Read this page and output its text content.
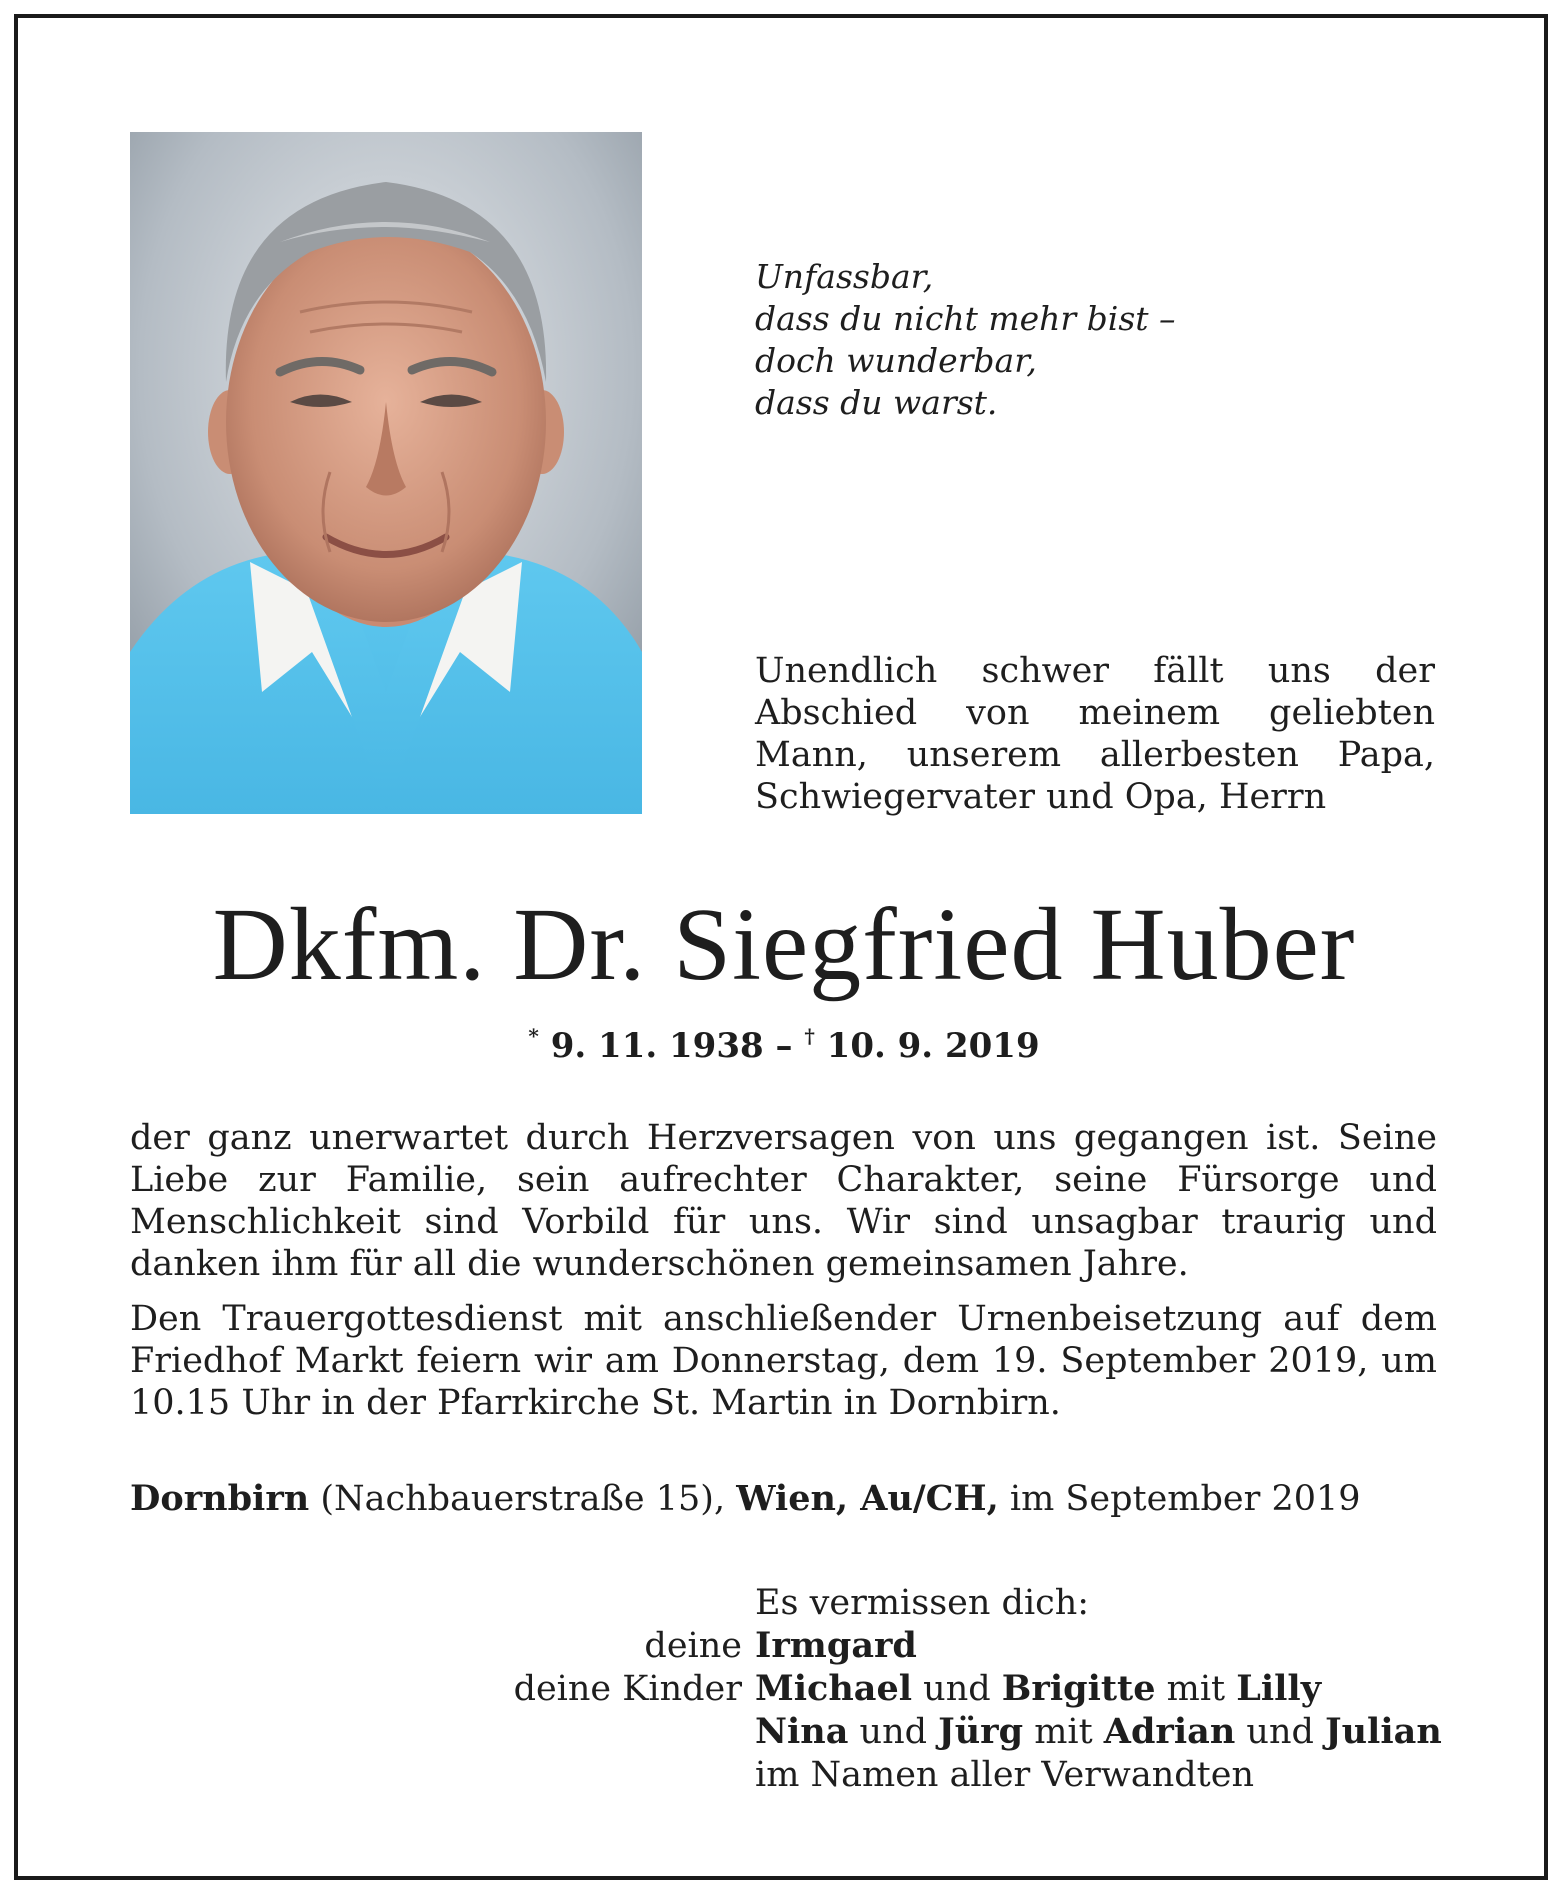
Unfassbar,
dass du nicht mehr bist –
doch wunderbar,
dass du warst.
Unendlich schwer fällt uns der Abschied von meinem geliebten Mann, unserem allerbesten Papa, Schwiegervater und Opa, Herrn
Dkfm. Dr. Siegfried Huber
* 9. 11. 1938 – † 10. 9. 2019
der ganz unerwartet durch Herzversagen von uns gegangen ist. Seine Liebe zur Familie, sein aufrechter Charakter, seine Fürsorge und Menschlichkeit sind Vorbild für uns. Wir sind unsagbar traurig und danken ihm für all die wunderschönen gemeinsamen Jahre.
Den Trauergottesdienst mit anschließender Urnenbeisetzung auf dem Friedhof Markt feiern wir am Donnerstag, dem 19. September 2019, um 10.15 Uhr in der Pfarrkirche St. Martin in Dornbirn.
Dornbirn (Nachbauerstraße 15), Wien, Au/CH, im September 2019
Es vermissen dich:
deine Irmgard
deine Kinder Michael und Brigitte mit Lilly
Nina und Jürg mit Adrian und Julian
im Namen aller Verwandten
